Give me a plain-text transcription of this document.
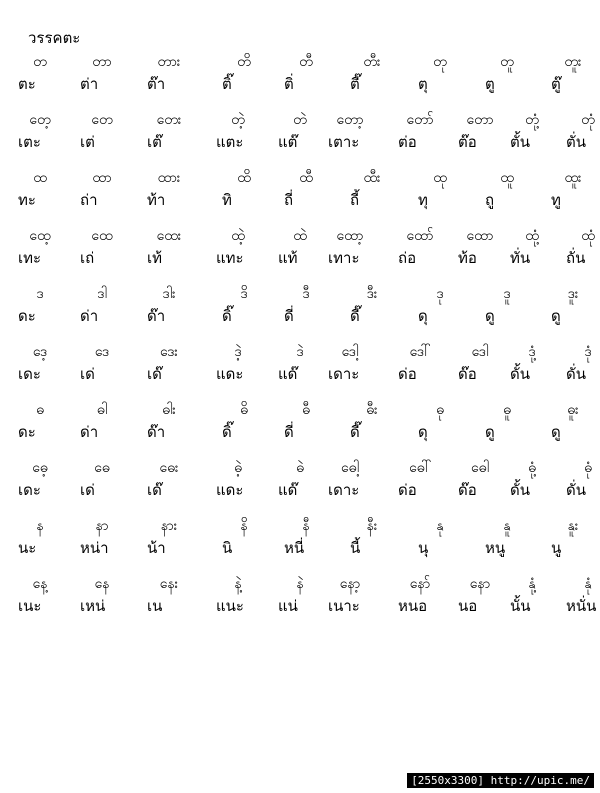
วรรคตะ
တ
ตะ
တာ
ต่า
တား
ต๊า
တိ
ติ๊
တီ
ติ่
တီး
ตี๊
တု
ตุ
တူ
ตู
တူး
ตู๊
တေ့
เตะ
တေ
เต่
တေး
เต๊
တဲ့
แตะ
တဲ
แต๊
တော့
เตาะ
တော်
ต่อ
တော
ต๊อ
တုံ့
ตั้น
တုံ
ตั่น
ထ
ทะ
ထာ
ถ่า
ထား
ท้า
ထိ
ทิ
ထီ
ถี่
ထီး
ถี้
ထု
ทุ
ထူ
ถู
ထူး
ทู
ထေ့
เทะ
ထေ
เถ่
ထေး
เท้
ထဲ့
แทะ
ထဲ
แท้
ထော့
เทาะ
ထော်
ถ่อ
ထော
ท้อ
ထုံ့
ทั่น
ထုံ
ถั่น
ဒ
ดะ
ဒါ
ด่า
ဒါး
ด๊า
ဒိ
ดิ๊
ဒီ
ดี่
ဒီး
ดี๊
ဒု
ดุ
ဒူ
ดู
ဒူး
ดู
ဒေ့
เดะ
ဒေ
เด่
ဒေး
เด๊
ဒဲ့
แดะ
ဒဲ
แด๊
ဒေါ့
เดาะ
ဒေါ်
ด่อ
ဒေါ
ด๊อ
ဒုံ့
ดั้น
ဒုံ
ดั่น
ဓ
ดะ
ဓါ
ด่า
ဓါး
ด๊า
ဓိ
ดิ๊
ဓီ
ดี่
ဓီး
ดี๊
ဓု
ดุ
ဓူ
ดู
ဓူး
ดู
ဓေ့
เดะ
ဓေ
เด่
ဓေး
เด๊
ဓဲ့
แดะ
ဓဲ
แด๊
ဓေါ့
เดาะ
ဓေါ်
ด่อ
ဓေါ
ด๊อ
ဓုံ့
ดั้น
ဓုံ
ดั่น
န
นะ
နာ
หน่า
နား
น้า
နိ
นิ
နီ
หนี่
နီး
นี้
နု
นุ
နူ
หนู
နူး
นู
နေ့
เนะ
နေ
เหน่
နေး
เน
နဲ့
แนะ
နဲ
แน่
နော့
เนาะ
နော်
หนอ
နော
นอ
နုံ့
นั้น
နုံ
หนั่น
[2550x3300] http://upic.me/
